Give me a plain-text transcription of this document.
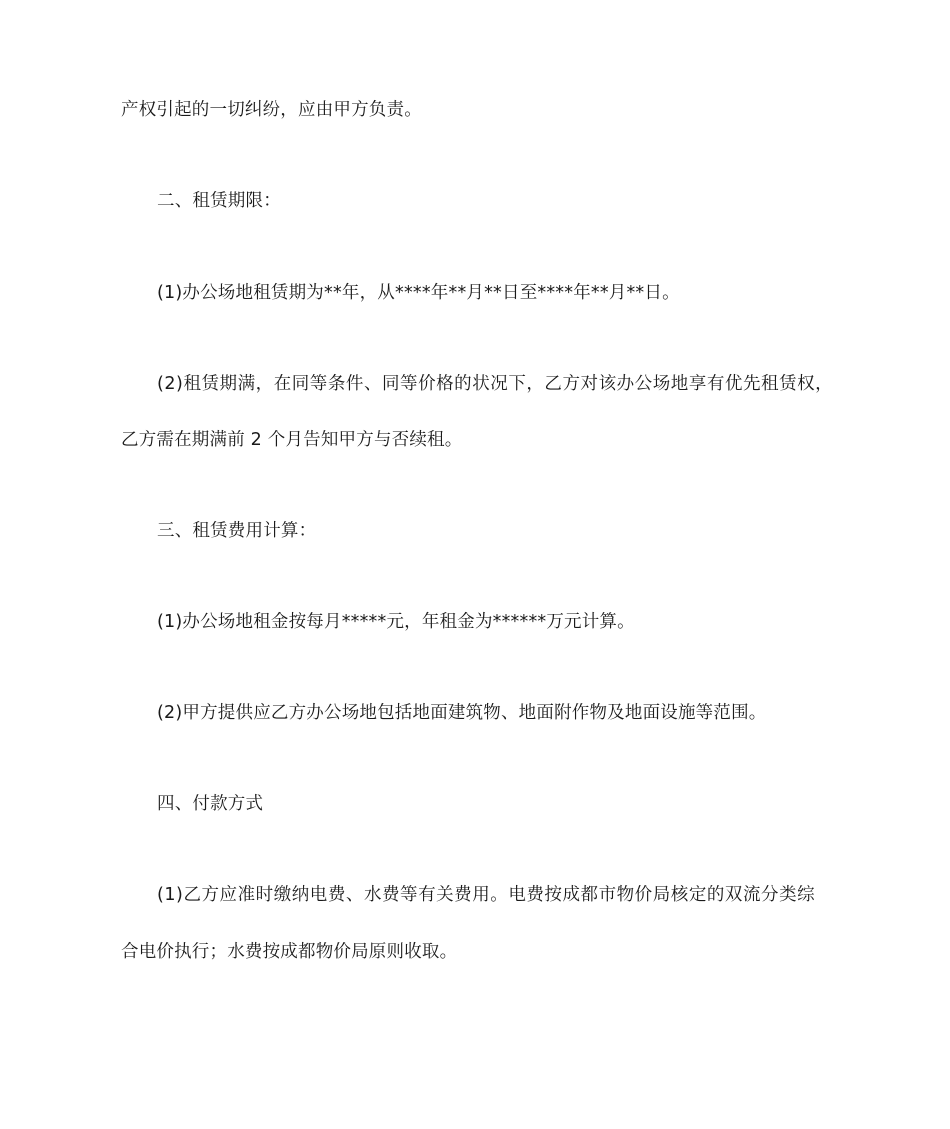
产权引起的一切纠纷，应由甲方负责。
二、租赁期限：
(1)办公场地租赁期为**年，从****年**月**日至****年**月**日。
(2)租赁期满，在同等条件、同等价格的状况下，乙方对该办公场地享有优先租赁权，
乙方需在期满前 2 个月告知甲方与否续租。
三、租赁费用计算：
(1)办公场地租金按每月*****元，年租金为******万元计算。
(2)甲方提供应乙方办公场地包括地面建筑物、地面附作物及地面设施等范围。
四、付款方式
(1)乙方应准时缴纳电费、水费等有关费用。电费按成都市物价局核定的双流分类综
合电价执行；水费按成都物价局原则收取。
